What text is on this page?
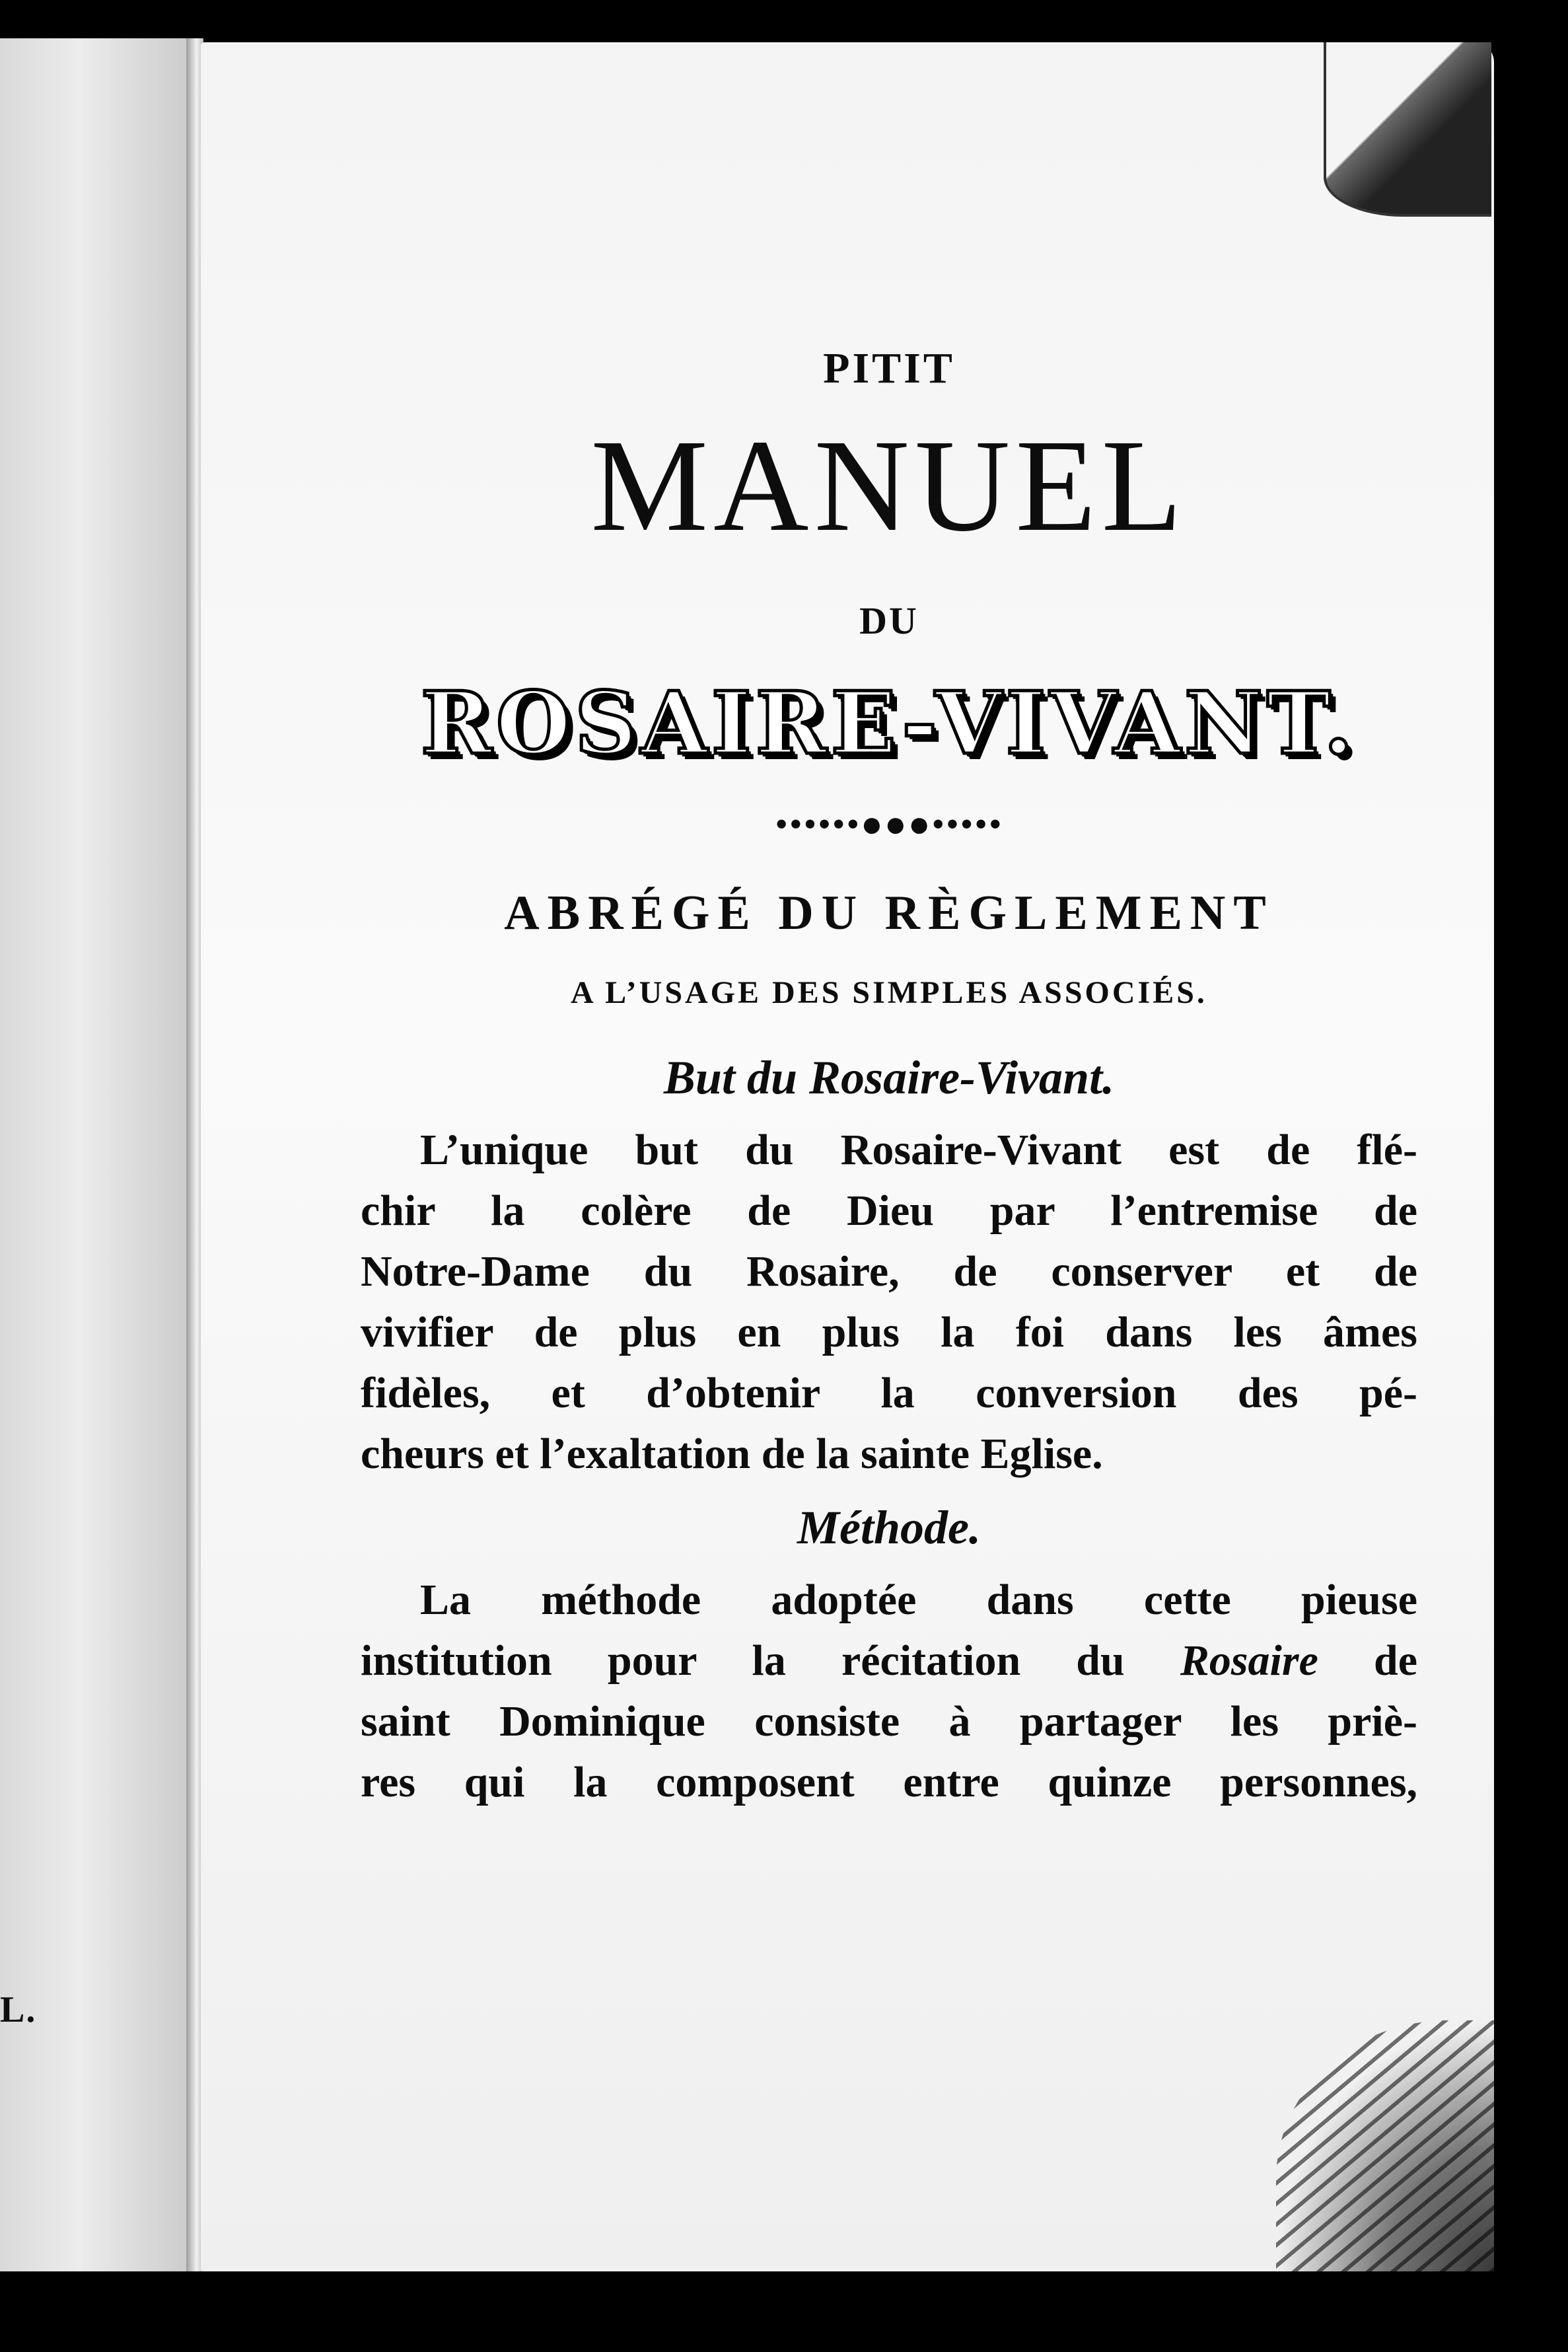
L.
PITIT
MANUEL
DU
ROSAIRE-VIVANT.
••••••●●●•••••
ABRÉGÉ DU RÈGLEMENT
A L’USAGE DES SIMPLES ASSOCIÉS.
But du Rosaire-Vivant.
L’unique but du Rosaire-Vivant est de flé-
chir la colère de Dieu par l’entremise de
Notre-Dame du Rosaire, de conserver et de
vivifier de plus en plus la foi dans les âmes
fidèles, et d’obtenir la conversion des pé-
cheurs et l’exaltation de la sainte Eglise.
Méthode.
La méthode adoptée dans cette pieuse
institution pour la récitation du Rosaire de
saint Dominique consiste à partager les priè-
res qui la composent entre quinze personnes,
